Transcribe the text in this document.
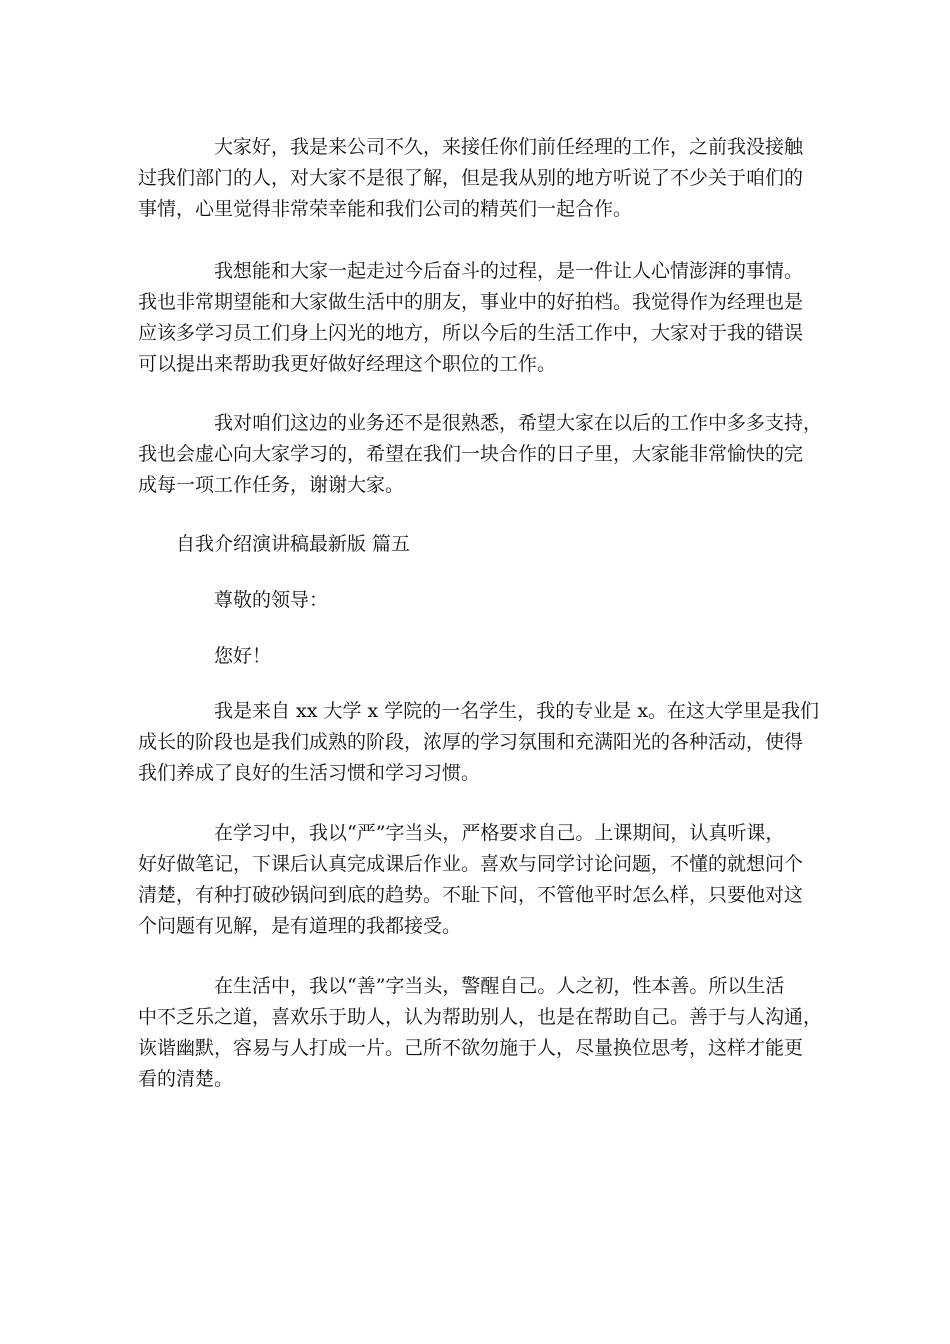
大家好，我是来公司不久，来接任你们前任经理的工作，之前我没接触
过我们部门的人，对大家不是很了解，但是我从别的地方听说了不少关于咱们的
事情，心里觉得非常荣幸能和我们公司的精英们一起合作。

我想能和大家一起走过今后奋斗的过程，是一件让人心情澎湃的事情。
我也非常期望能和大家做生活中的朋友，事业中的好拍档。我觉得作为经理也是
应该多学习员工们身上闪光的地方，所以今后的生活工作中，大家对于我的错误
可以提出来帮助我更好做好经理这个职位的工作。

我对咱们这边的业务还不是很熟悉，希望大家在以后的工作中多多支持，
我也会虚心向大家学习的，希望在我们一块合作的日子里，大家能非常愉快的完
成每一项工作任务，谢谢大家。

自我介绍演讲稿最新版 篇五

尊敬的领导：

您好！

我是来自 xx 大学 x 学院的一名学生，我的专业是 x。在这大学里是我们
成长的阶段也是我们成熟的阶段，浓厚的学习氛围和充满阳光的各种活动，使得
我们养成了良好的生活习惯和学习习惯。

在学习中，我以“严”字当头，严格要求自己。上课期间，认真听课，
好好做笔记，下课后认真完成课后作业。喜欢与同学讨论问题，不懂的就想问个
清楚，有种打破砂锅问到底的趋势。不耻下问，不管他平时怎么样，只要他对这
个问题有见解，是有道理的我都接受。

在生活中，我以“善”字当头，警醒自己。人之初，性本善。所以生活
中不乏乐之道，喜欢乐于助人，认为帮助别人，也是在帮助自己。善于与人沟通，
诙谐幽默，容易与人打成一片。己所不欲勿施于人，尽量换位思考，这样才能更
看的清楚。
